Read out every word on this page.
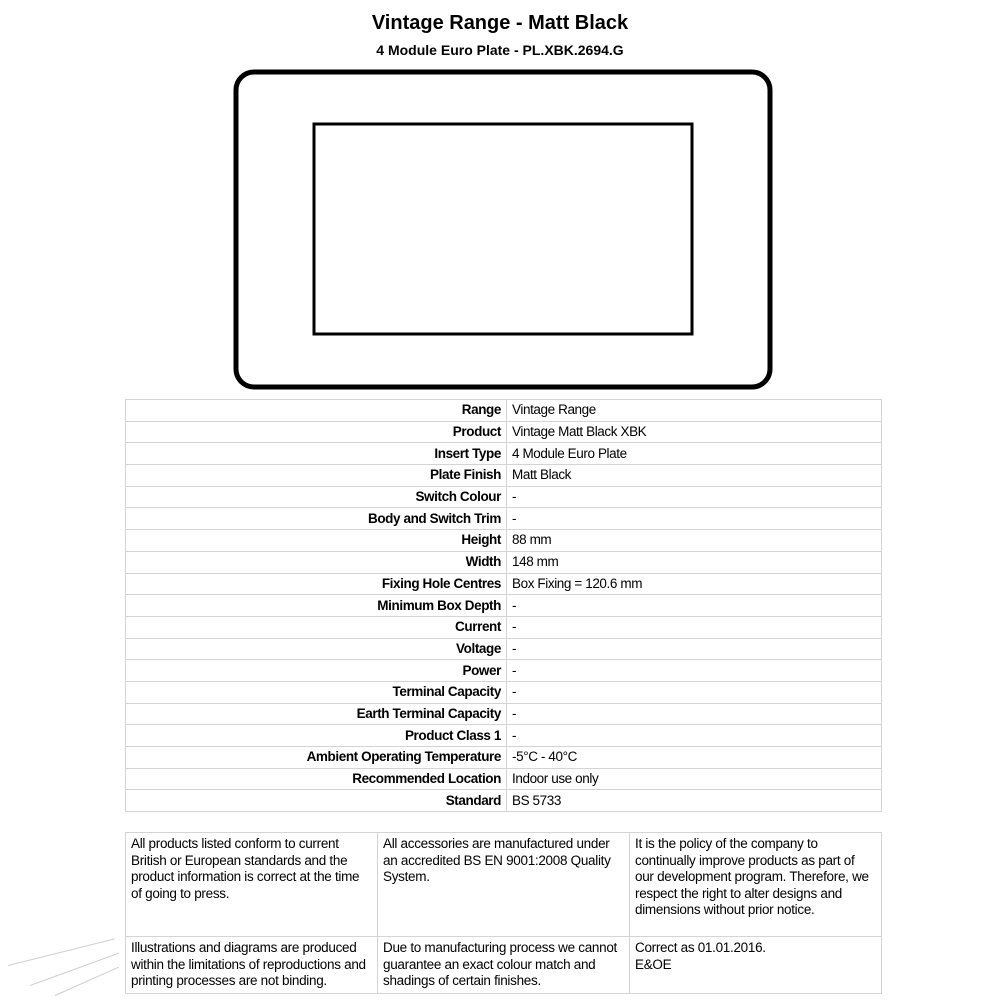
Vintage Range - Matt Black
4 Module Euro Plate - PL.XBK.2694.G
Range	Vintage Range
Product	Vintage Matt Black XBK
Insert Type	4 Module Euro Plate
Plate Finish	Matt Black
Switch Colour	-
Body and Switch Trim	-
Height	88 mm
Width	148 mm
Fixing Hole Centres	Box Fixing = 120.6 mm
Minimum Box Depth	-
Current	-
Voltage	-
Power	-
Terminal Capacity	-
Earth Terminal Capacity	-
Product Class 1	-
Ambient Operating Temperature	-5°C - 40°C
Recommended Location	Indoor use only
Standard	BS 5733
All products listed conform to current British or European standards and the product information is correct at the time of going to press.	All accessories are manufactured under an accredited BS EN 9001:2008 Quality System.	It is the policy of the company to continually improve products as part of our development program. Therefore, we respect the right to alter designs and dimensions without prior notice.
Illustrations and diagrams are produced within the limitations of reproductions and printing processes are not binding.	Due to manufacturing process we cannot guarantee an exact colour match and shadings of certain finishes.	Correct as 01.01.2016.
E&OE
